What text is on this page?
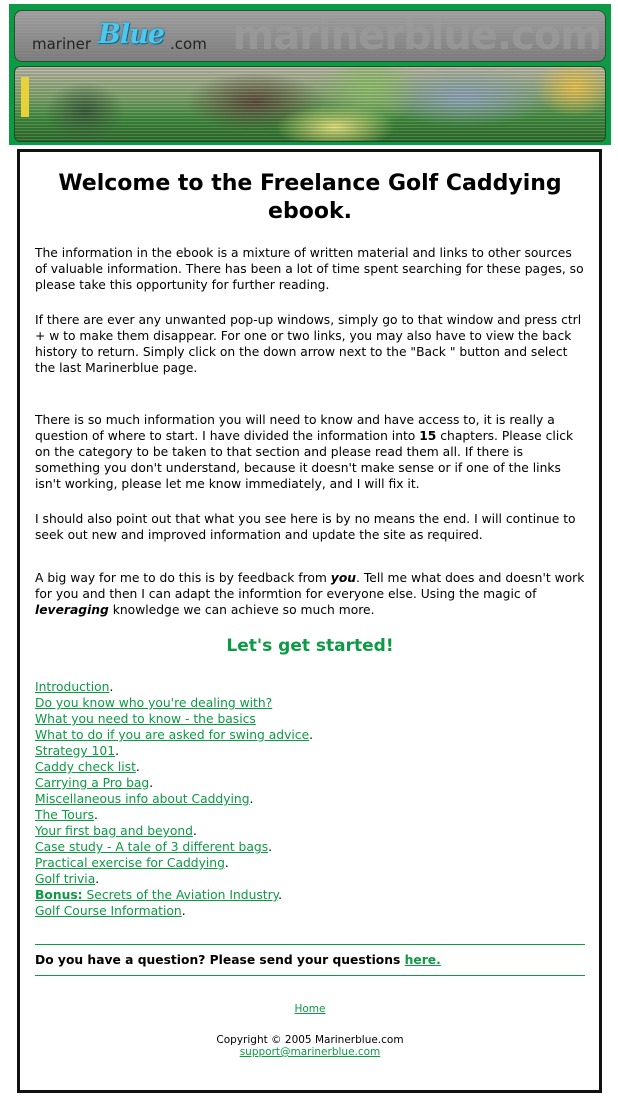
mariner Blue .com marinerblue.com
Welcome to the Freelance Golf Caddying ebook.

The information in the ebook is a mixture of written material and links to other sources of valuable information. There has been a lot of time spent searching for these pages, so please take this opportunity for further reading.

If there are ever any unwanted pop-up windows, simply go to that window and press ctrl + w to make them disappear. For one or two links, you may also have to view the back history to return. Simply click on the down arrow next to the "Back " button and select the last Marinerblue page.

There is so much information you will need to know and have access to, it is really a question of where to start. I have divided the information into 15 chapters. Please click on the category to be taken to that section and please read them all. If there is something you don't understand, because it doesn't make sense or if one of the links isn't working, please let me know immediately, and I will fix it.

I should also point out that what you see here is by no means the end. I will continue to seek out new and improved information and update the site as required.

A big way for me to do this is by feedback from you. Tell me what does and doesn't work for you and then I can adapt the informtion for everyone else. Using the magic of leveraging knowledge we can achieve so much more.

Let's get started!
Introduction.
Do you know who you're dealing with?
What you need to know - the basics
What to do if you are asked for swing advice.
Strategy 101.
Caddy check list.
Carrying a Pro bag.
Miscellaneous info about Caddying.
The Tours.
Your first bag and beyond.
Case study - A tale of 3 different bags.
Practical exercise for Caddying.
Golf trivia.
Bonus: Secrets of the Aviation Industry.
Golf Course Information.
Do you have a question? Please send your questions here.
Home
Copyright © 2005 Marinerblue.com
support@marinerblue.com
